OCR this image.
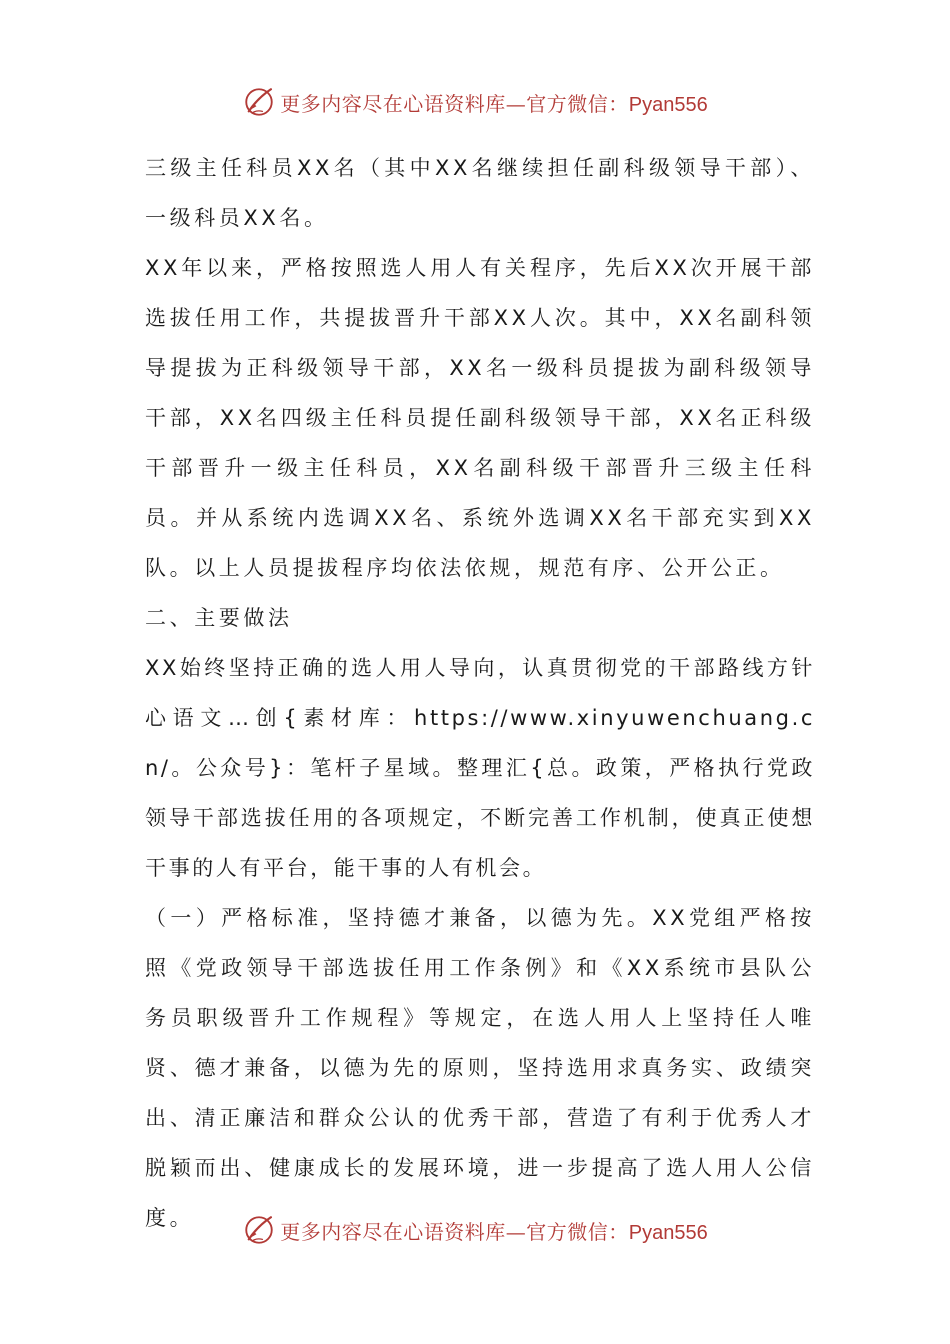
更多内容尽在心语资料库—官方微信：Pyan556

三级主任科员XX名（其中XX名继续担任副科级领导干部）、一级科员XX名。

XX年以来，严格按照选人用人有关程序，先后XX次开展干部选拔任用工作，共提拔晋升干部XX人次。其中，XX名副科领导提拔为正科级领导干部，XX名一级科员提拔为副科级领导干部，XX名四级主任科员提任副科级领导干部，XX名正科级干部晋升一级主任科员，XX名副科级干部晋升三级主任科员。并从系统内选调XX名、系统外选调XX名干部充实到XX队。以上人员提拔程序均依法依规，规范有序、公开公正。

二、主要做法

XX始终坚持正确的选人用人导向，认真贯彻党的干部路线方针心语文…创{素材库：https://www.xinyuwenchuang.cn/。公众号}：笔杆子星域。整理汇{总。政策，严格执行党政领导干部选拔任用的各项规定，不断完善工作机制，使真正使想干事的人有平台，能干事的人有机会。

（一）严格标准，坚持德才兼备，以德为先。XX党组严格按照《党政领导干部选拔任用工作条例》和《XX系统市县队公务员职级晋升工作规程》等规定，在选人用人上坚持任人唯贤、德才兼备，以德为先的原则，坚持选用求真务实、政绩突出、清正廉洁和群众公认的优秀干部，营造了有利于优秀人才脱颖而出、健康成长的发展环境，进一步提高了选人用人公信度。

更多内容尽在心语资料库—官方微信：Pyan556
